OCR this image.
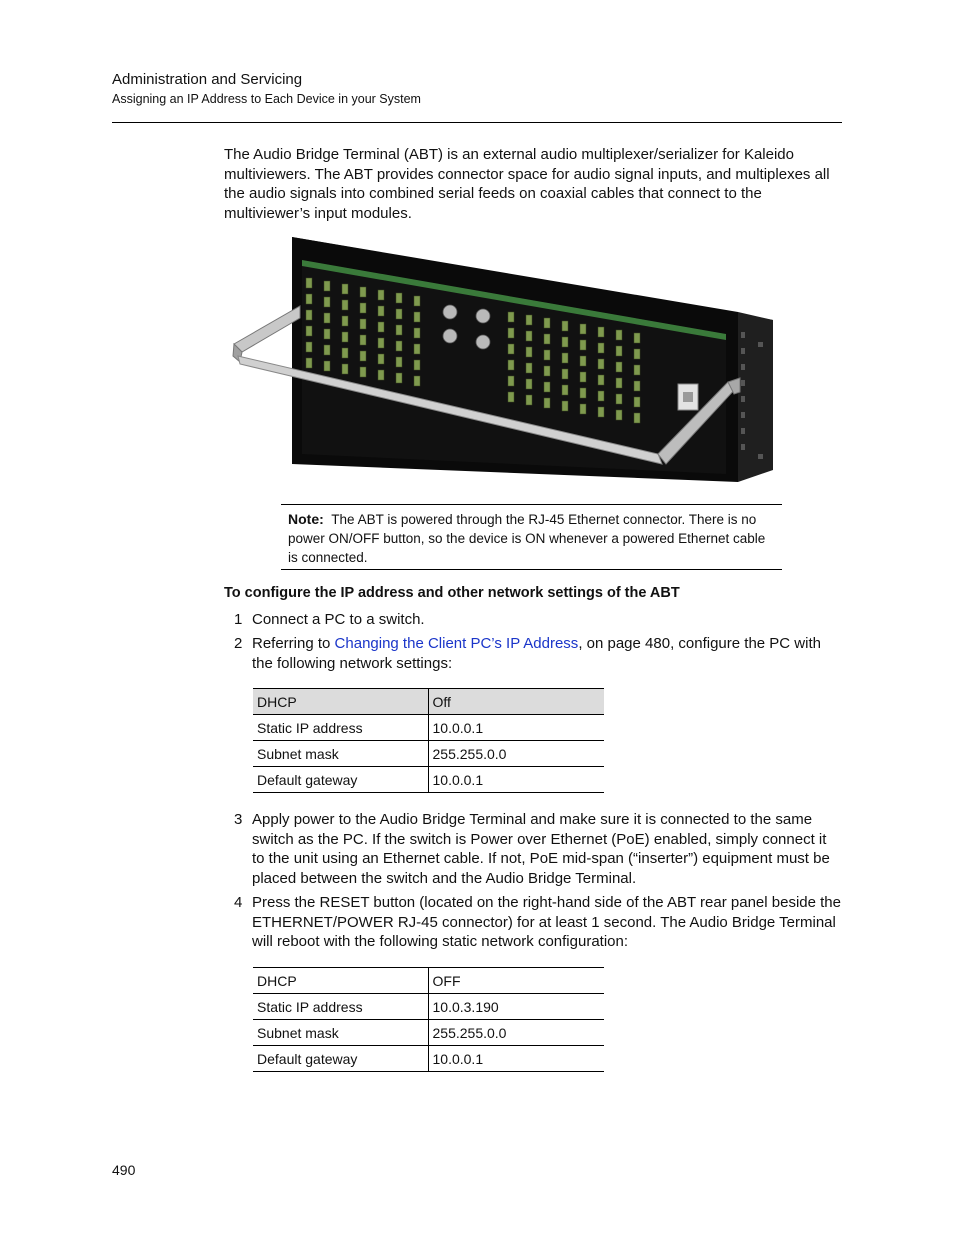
Administration and Servicing
Assigning an IP Address to Each Device in your System

The Audio Bridge Terminal (ABT) is an external audio multiplexer/serializer for Kaleido multiviewers. The ABT provides connector space for audio signal inputs, and multiplexes all the audio signals into combined serial feeds on coaxial cables that connect to the multiviewer’s input modules.

Note: The ABT is powered through the RJ-45 Ethernet connector. There is no power ON/OFF button, so the device is ON whenever a powered Ethernet cable is connected.
To configure the IP address and other network settings of the ABT
1 Connect a PC to a switch.
2 Referring to Changing the Client PC’s IP Address, on page 480, configure the PC with the following network settings:
DHCP	Off
Static IP address	10.0.0.1
Subnet mask	255.255.0.0
Default gateway	10.0.0.1
3 Apply power to the Audio Bridge Terminal and make sure it is connected to the same switch as the PC. If the switch is Power over Ethernet (PoE) enabled, simply connect it to the unit using an Ethernet cable. If not, PoE mid-span (“inserter”) equipment must be placed between the switch and the Audio Bridge Terminal.
4 Press the RESET button (located on the right-hand side of the ABT rear panel beside the ETHERNET/POWER RJ-45 connector) for at least 1 second. The Audio Bridge Terminal will reboot with the following static network configuration:
DHCP	OFF
Static IP address	10.0.3.190
Subnet mask	255.255.0.0
Default gateway	10.0.0.1
490
